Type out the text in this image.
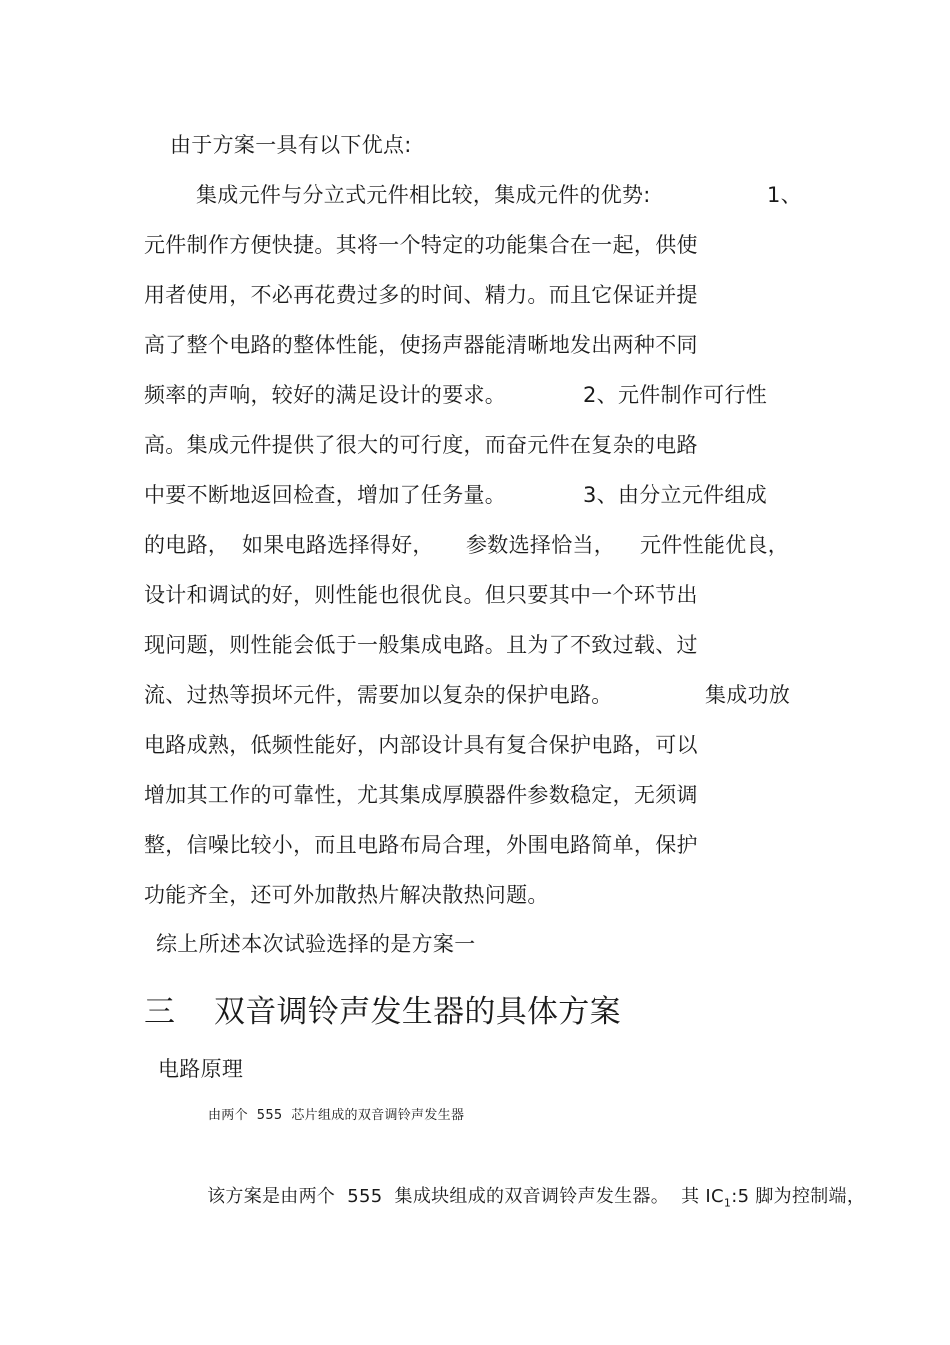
由于方案一具有以下优点:
集成元件与分立式元件相比较，集成元件的优势:	1、
元件制作方便快捷。其将一个特定的功能集合在一起，供使
用者使用，不必再花费过多的时间、精力。而且它保证并提
高了整个电路的整体性能，使扬声器能清晰地发出两种不同
频率的声响，较好的满足设计的要求。	2、元件制作可行性
高。集成元件提供了很大的可行度，而奋元件在复杂的电路
中要不断地返回检查，增加了任务量。	3、由分立元件组成
的电路， 如果电路选择得好， 参数选择恰当， 元件性能优良，
设计和调试的好，则性能也很优良。但只要其中一个环节出
现问题，则性能会低于一般集成电路。且为了不致过载、过
流、过热等损坏元件，需要加以复杂的保护电路。	集成功放
电路成熟，低频性能好，内部设计具有复合保护电路，可以
增加其工作的可靠性，尤其集成厚膜器件参数稳定，无须调
整，信噪比较小，而且电路布局合理，外围电路简单，保护
功能齐全，还可外加散热片解决散热问题。
综上所述本次试验选择的是方案一
三 双音调铃声发生器的具体方案
电路原理
由两个  555  芯片组成的双音调铃声发生器

该方案是由两个  555  集成块组成的双音调铃声发生器。  其 $IC_1:5$ 脚为控制端，
